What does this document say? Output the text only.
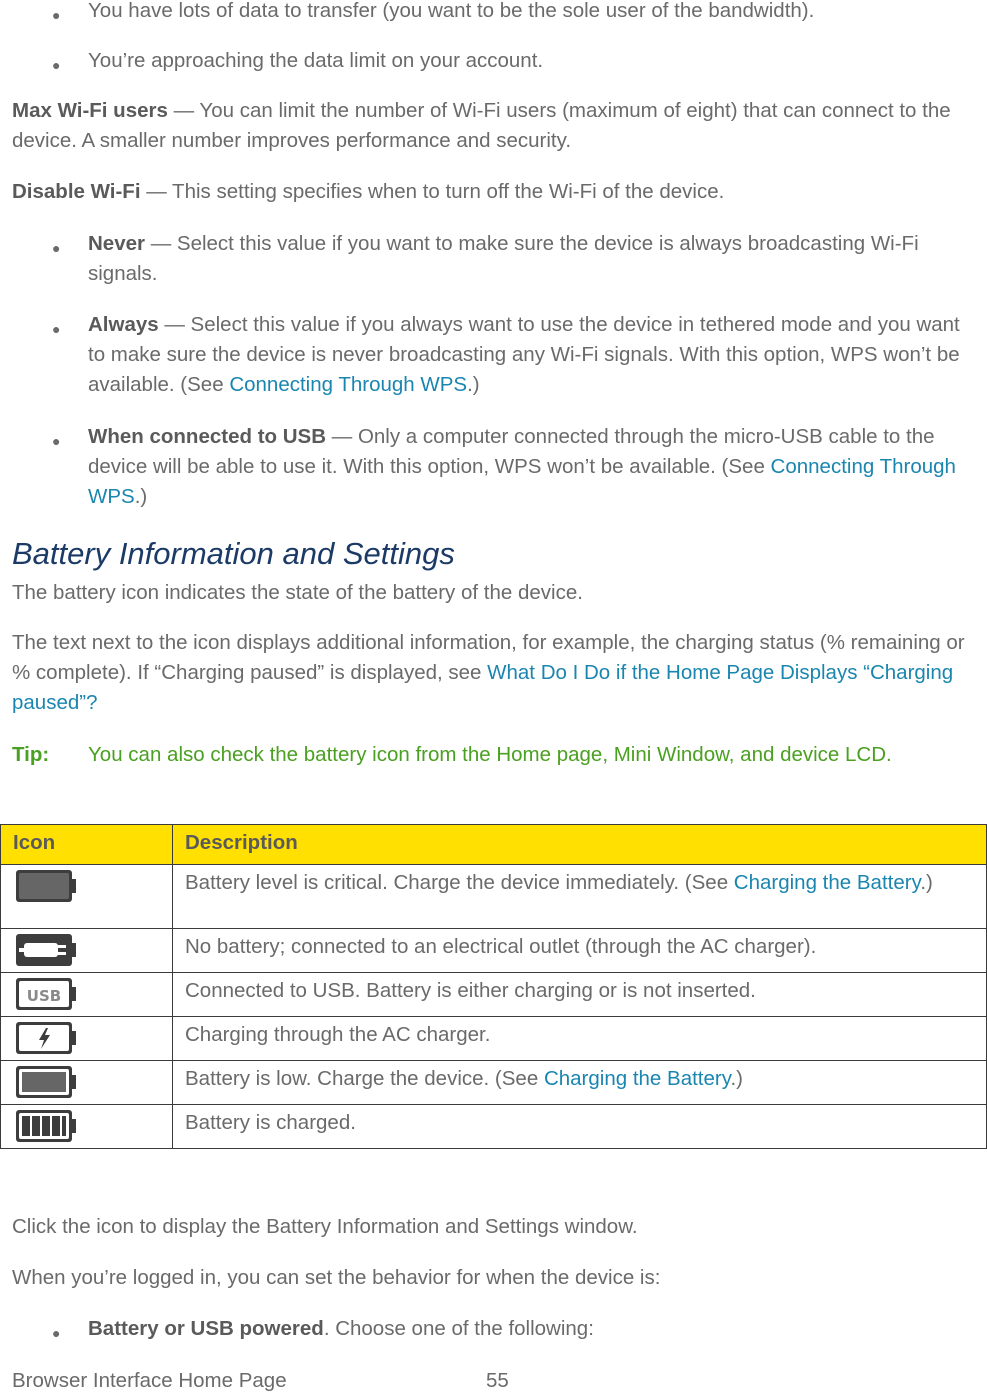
● You have lots of data to transfer (you want to be the sole user of the bandwidth).
● You’re approaching the data limit on your account.
Max Wi-Fi users — You can limit the number of Wi-Fi users (maximum of eight) that can connect to the device. A smaller number improves performance and security.
Disable Wi-Fi — This setting specifies when to turn off the Wi-Fi of the device.
● Never — Select this value if you want to make sure the device is always broadcasting Wi-Fi signals.
● Always — Select this value if you always want to use the device in tethered mode and you want to make sure the device is never broadcasting any Wi-Fi signals. With this option, WPS won’t be available. (See Connecting Through WPS.)
● When connected to USB — Only a computer connected through the micro-USB cable to the device will be able to use it. With this option, WPS won’t be available. (See Connecting Through WPS.)
Battery Information and Settings
The battery icon indicates the state of the battery of the device.
The text next to the icon displays additional information, for example, the charging status (% remaining or % complete). If “Charging paused” is displayed, see What Do I Do if the Home Page Displays “Charging paused”?
Tip: You can also check the battery icon from the Home page, Mini Window, and device LCD.
Icon	Description

	Battery level is critical. Charge the device immediately. (See Charging the Battery.)

	No battery; connected to an electrical outlet (through the AC charger).

USB	Connected to USB. Battery is either charging or is not inserted.

	Charging through the AC charger.

	Battery is low. Charge the device. (See Charging the Battery.)

	Battery is charged.
Click the icon to display the Battery Information and Settings window.
When you’re logged in, you can set the behavior for when the device is:
● Battery or USB powered. Choose one of the following:
Browser Interface Home Page	55
